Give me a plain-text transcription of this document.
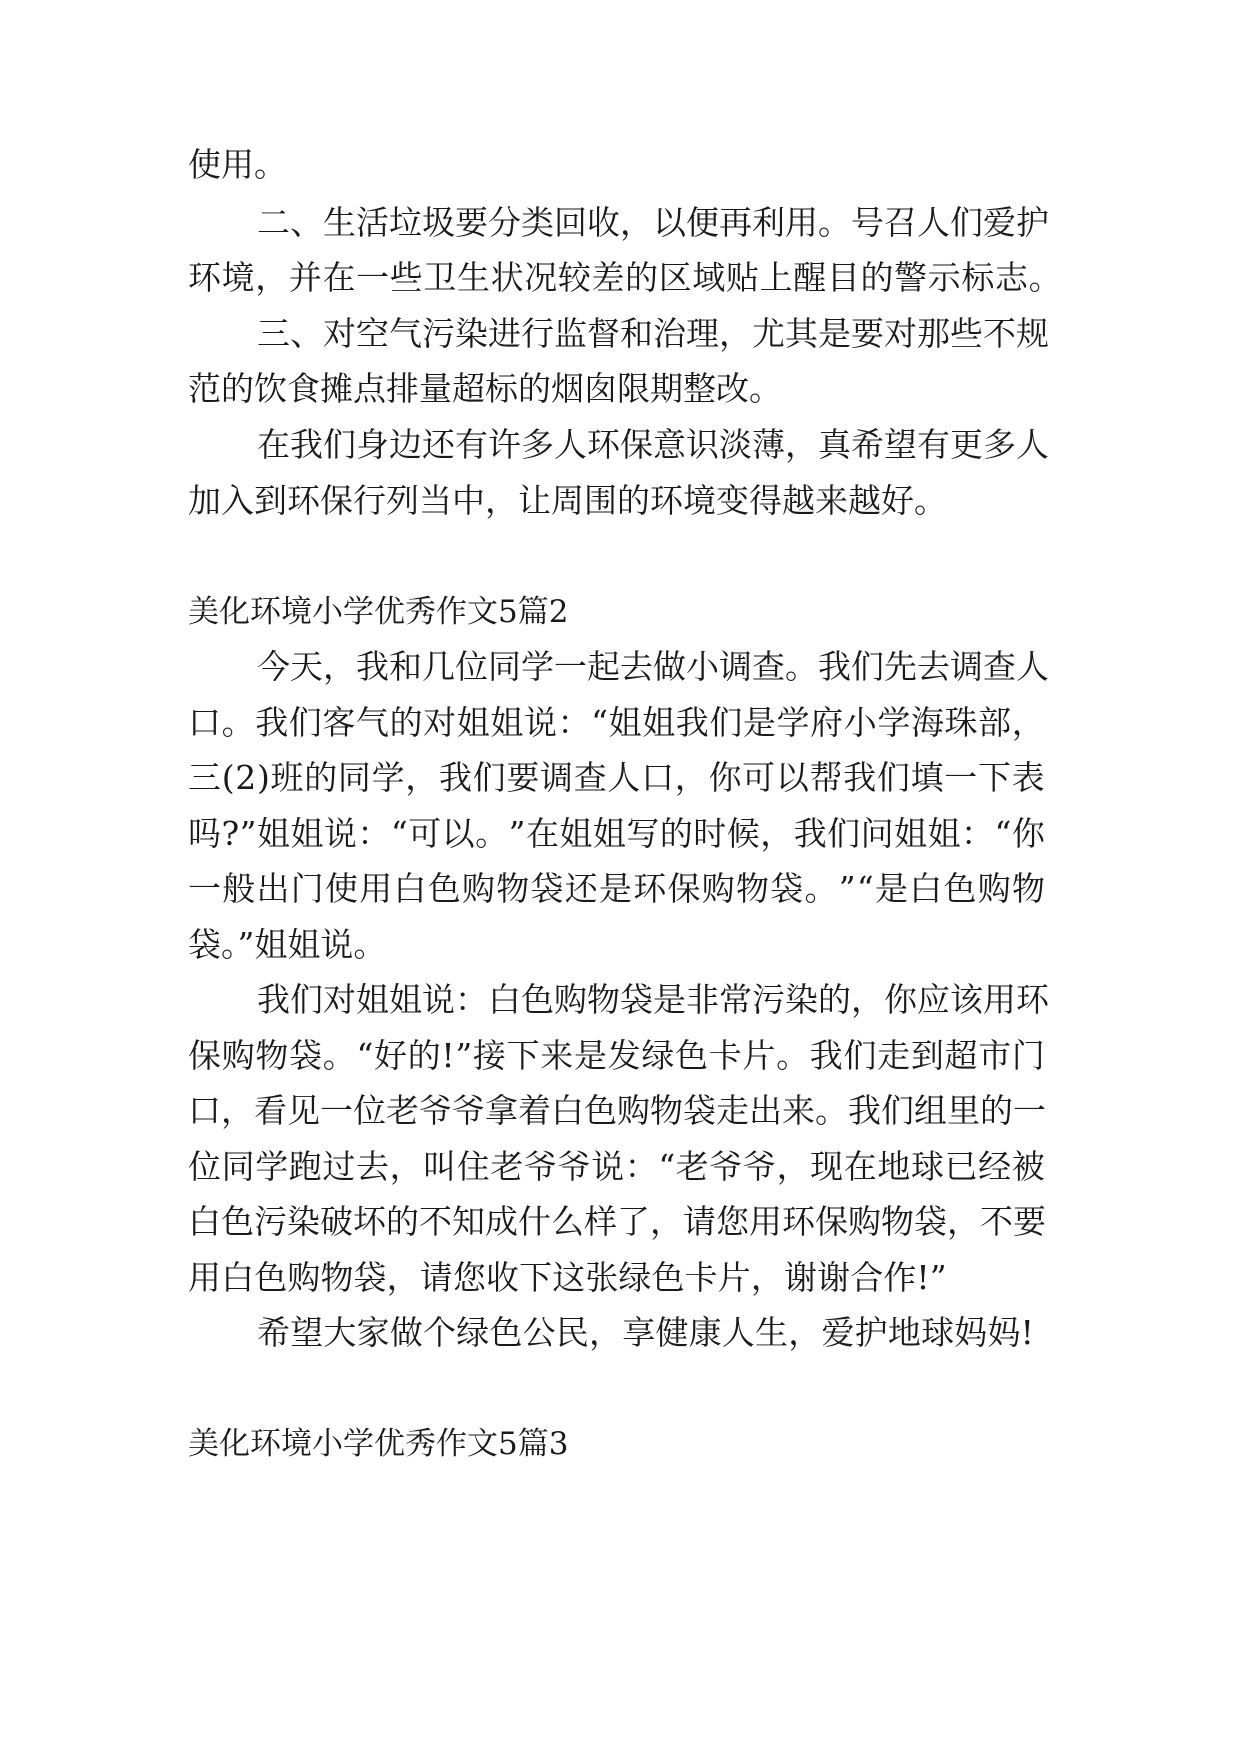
使用。
二 、 生 活 垃 圾 要 分 类 回 收 ， 以 便 再 利 用 。 号 召 人 们 爱 护
环 境 ， 并 在 一 些 卫 生 状 况 较 差 的 区 域 贴 上 醒 目 的 警 示 标 志 。
三 、 对 空 气 污 染 进 行 监 督 和 治 理 ， 尤 其 是 要 对 那 些 不 规
范 的 饮 食 摊 点 排 量 超 标 的 烟 囱 限 期 整 改 。
在 我 们 身 边 还 有 许 多 人 环 保 意 识 淡 薄 ， 真 希 望 有 更 多 人
加 入 到 环 保 行 列 当 中 ， 让 周 围 的 环 境 变 得 越 来 越 好 。
美化环境小学优秀作文5篇2
今 天 ， 我 和 几 位 同 学 一 起 去 做 小 调 查 。 我 们 先 去 调 查 人
口 。 我 们 客 气 的 对 姐 姐 说 ： “ 姐 姐 我 们 是 学 府 小 学 海 珠 部 ，
三 ( 2 ) 班 的 同 学 ， 我 们 要 调 查 人 口 ， 你 可 以 帮 我 们 填 一 下 表
吗 ? ” 姐 姐 说 ： “ 可 以 。 ” 在 姐 姐 写 的 时 候 ， 我 们 问 姐 姐 ： “ 你
一 般 出 门 使 用 白 色 购 物 袋 还 是 环 保 购 物 袋 。 ” “ 是 白 色 购 物
袋。”姐姐说。
我 们 对 姐 姐 说 ： 白 色 购 物 袋 是 非 常 污 染 的 ， 你 应 该 用 环
保 购 物 袋 。 “ 好 的 ! ” 接 下 来 是 发 绿 色 卡 片 。 我 们 走 到 超 市 门
口 ， 看 见 一 位 老 爷 爷 拿 着 白 色 购 物 袋 走 出 来 。 我 们 组 里 的 一
位 同 学 跑 过 去 ， 叫 住 老 爷 爷 说 ： “ 老 爷 爷 ， 现 在 地 球 已 经 被
白 色 污 染 破 坏 的 不 知 成 什 么 样 了 ， 请 您 用 环 保 购 物 袋 ， 不 要
用 白 色 购 物 袋 ， 请 您 收 下 这 张 绿 色 卡 片 ， 谢 谢 合 作 ! ”
希 望 大 家 做 个 绿 色 公 民 ， 享 健 康 人 生 ， 爱 护 地 球 妈 妈 !
美化环境小学优秀作文5篇3
